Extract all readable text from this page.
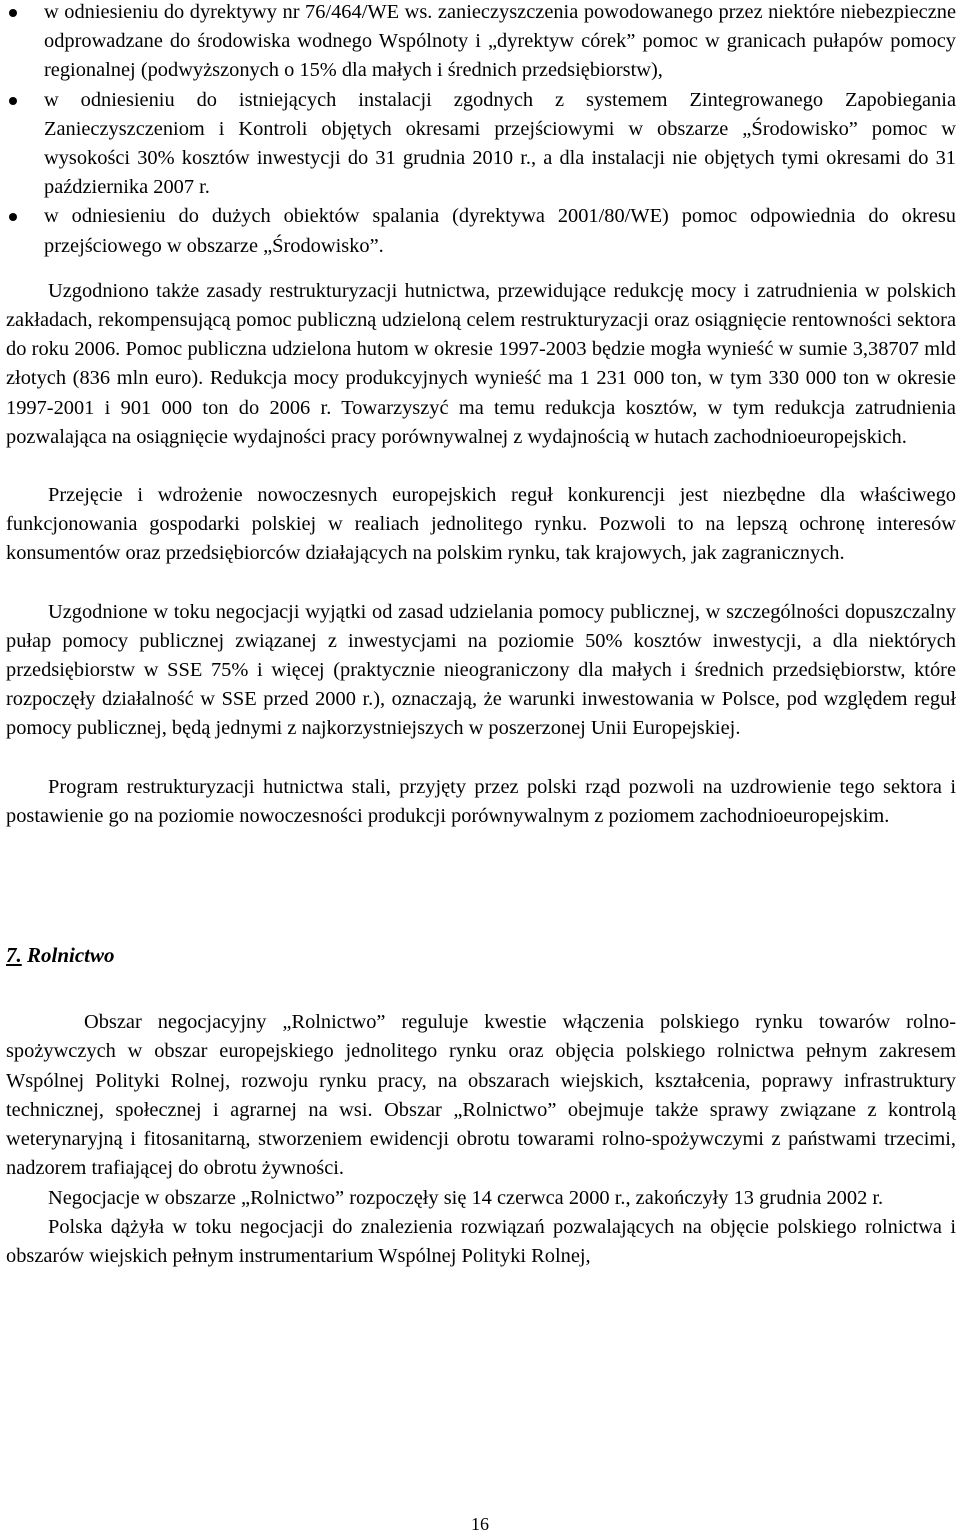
w odniesieniu do dyrektywy nr 76/464/WE ws. zanieczyszczenia powodowanego przez niektóre niebezpieczne odprowadzane do środowiska wodnego Wspólnoty i „dyrektyw córek” pomoc w granicach pułapów pomocy regionalnej (podwyższonych o 15% dla małych i średnich przedsiębiorstw),
w odniesieniu do istniejących instalacji zgodnych z systemem Zintegrowanego Zapobiegania Zanieczyszczeniom i Kontroli objętych okresami przejściowymi w obszarze „Środowisko” pomoc w wysokości 30% kosztów inwestycji do 31 grudnia 2010 r., a dla instalacji nie objętych tymi okresami do 31 października 2007 r.
w odniesieniu do dużych obiektów spalania (dyrektywa 2001/80/WE) pomoc odpowiednia do okresu przejściowego w obszarze „Środowisko”.

Uzgodniono także zasady restrukturyzacji hutnictwa, przewidujące redukcję mocy i zatrudnienia w polskich zakładach, rekompensującą pomoc publiczną udzieloną celem restrukturyzacji oraz osiągnięcie rentowności sektora do roku 2006. Pomoc publiczna udzielona hutom w okresie 1997-2003 będzie mogła wynieść w sumie 3,38707 mld złotych (836 mln euro). Redukcja mocy produkcyjnych wynieść ma 1 231 000 ton, w tym 330 000 ton w okresie 1997-2001 i 901 000 ton do 2006 r. Towarzyszyć ma temu redukcja kosztów, w tym redukcja zatrudnienia pozwalająca na osiągnięcie wydajności pracy porównywalnej z wydajnością w hutach zachodnioeuropejskich.

Przejęcie i wdrożenie nowoczesnych europejskich reguł konkurencji jest niezbędne dla właściwego funkcjonowania gospodarki polskiej w realiach jednolitego rynku. Pozwoli to na lepszą ochronę interesów konsumentów oraz przedsiębiorców działających na polskim rynku, tak krajowych, jak zagranicznych.

Uzgodnione w toku negocjacji wyjątki od zasad udzielania pomocy publicznej, w szczególności dopuszczalny pułap pomocy publicznej związanej z inwestycjami na poziomie 50% kosztów inwestycji, a dla niektórych przedsiębiorstw w SSE 75% i więcej (praktycznie nieograniczony dla małych i średnich przedsiębiorstw, które rozpoczęły działalność w SSE przed 2000 r.), oznaczają, że warunki inwestowania w Polsce, pod względem reguł pomocy publicznej, będą jednymi z najkorzystniejszych w poszerzonej Unii Europejskiej.

Program restrukturyzacji hutnictwa stali, przyjęty przez polski rząd pozwoli na uzdrowienie tego sektora i postawienie go na poziomie nowoczesności produkcji porównywalnym z poziomem zachodnioeuropejskim.

7. Rolnictwo

Obszar negocjacyjny „Rolnictwo” reguluje kwestie włączenia polskiego rynku towarów rolno-spożywczych w obszar europejskiego jednolitego rynku oraz objęcia polskiego rolnictwa pełnym zakresem Wspólnej Polityki Rolnej, rozwoju rynku pracy, na obszarach wiejskich, kształcenia, poprawy infrastruktury technicznej, społecznej i agrarnej na wsi. Obszar „Rolnictwo” obejmuje także sprawy związane z kontrolą weterynaryjną i fitosanitarną, stworzeniem ewidencji obrotu towarami rolno-spożywczymi z państwami trzecimi, nadzorem trafiającej do obrotu żywności.

Negocjacje w obszarze „Rolnictwo” rozpoczęły się 14 czerwca 2000 r., zakończyły 13 grudnia 2002 r.

Polska dążyła w toku negocjacji do znalezienia rozwiązań pozwalających na objęcie polskiego rolnictwa i obszarów wiejskich pełnym instrumentarium Wspólnej Polityki Rolnej,

16
